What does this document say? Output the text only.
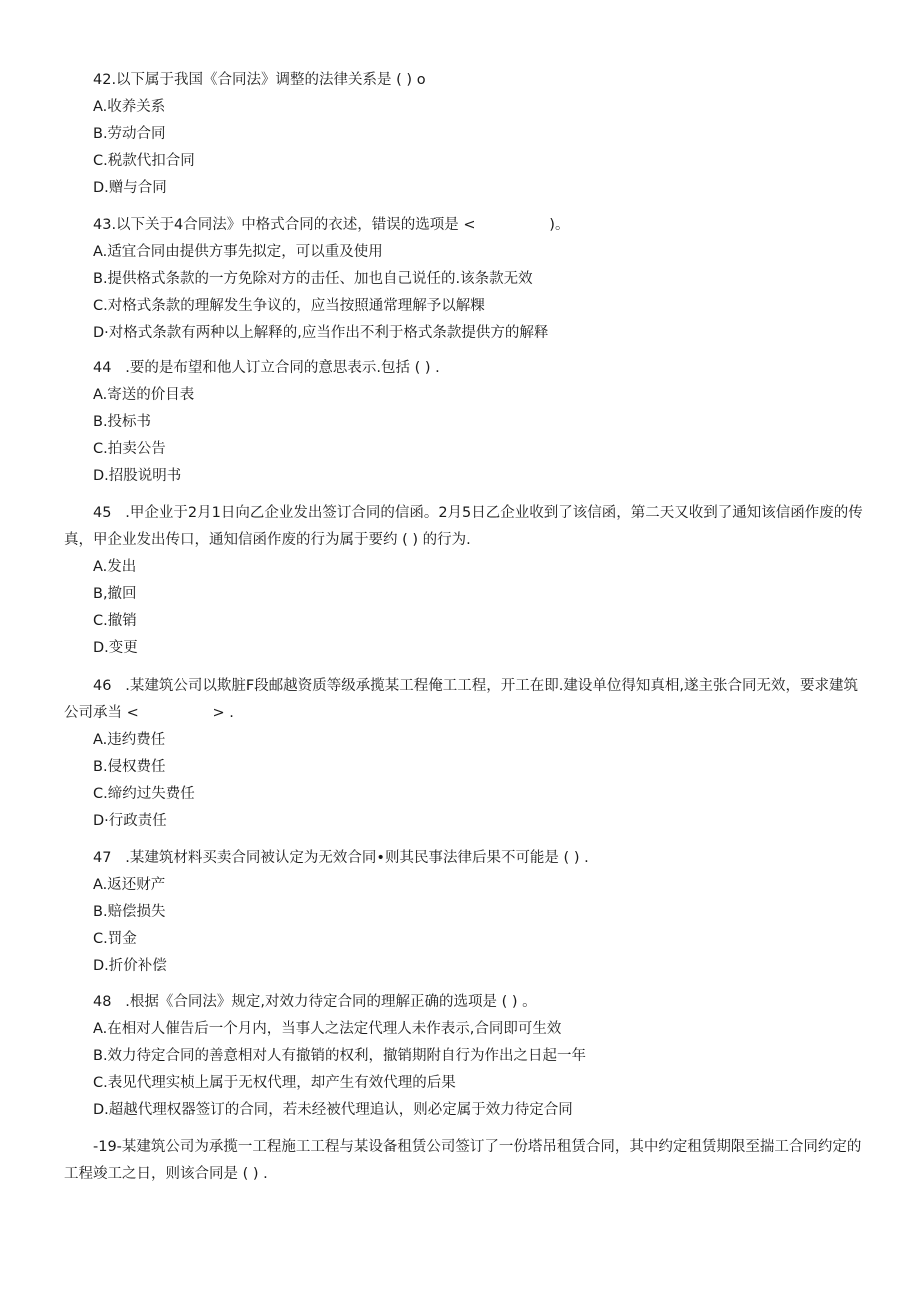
42.以下属于我国《合同法》调整的法律关系是 ( ) o

A.收养关系

B.劳动合同

C.税款代扣合同

D.赠与合同

43.以下关于4合同法》中格式合同的衣述，错误的选项是 <                )。

A.适宜合同由提供方事先拟定，可以重及使用

B.提供格式条款的一方免除对方的击任、加也自己说任的.该条款无效

C.对格式条款的理解发生争议的，应当按照通常理解予以解粿

D·对格式条款有两种以上解释的,应当作出不利于格式条款提供方的解释

44   .要的是布望和他人订立合同的意思表示.包括 ( ) .

A.寄送的价目表

B.投标书

C.拍卖公告

D.招股说明书

45   .甲企业于2月1日向乙企业发出签订合同的信函。2月5日乙企业收到了该信函，第二天又收到了通知该信函作废的传真，甲企业发出传口，通知信函作废的行为属于要约 ( ) 的行为.

A.发出

B,撤回

C.撤销

D.变更

46   .某建筑公司以欺脏F段邮越资质等级承揽某工程俺工工程，开工在即.建设单位得知真相,遂主张合同无效，要求建筑公司承当 <                > .

A.违约费任

B.侵权费任

C.缔约过失费任

D·行政责任

47   .某建筑材料买卖合同被认定为无效合同•则其民事法律后果不可能是 ( ) .

A.返还财产

B.赔偿损失

C.罚金

D.折价补偿

48   .根据《合同法》规定,对效力待定合同的理解正确的选项是 ( ) 。

A.在相对人催告后一个月内，当事人之法定代理人未作表示,合同即可生效

B.效力待定合同的善意相对人有撤销的权利，撤销期附自行为作出之日起一年

C.表见代理实桢上属于无权代理，却产生有效代理的后果

D.超越代理权器签订的合同，若未经被代理追认，则必定属于效力待定合同

-19-某建筑公司为承揽一工程施工工程与某设备租赁公司签订了一份塔吊租赁合同，其中约定租赁期限至揣工合同约定的工程竣工之日，则该合同是 ( ) .
